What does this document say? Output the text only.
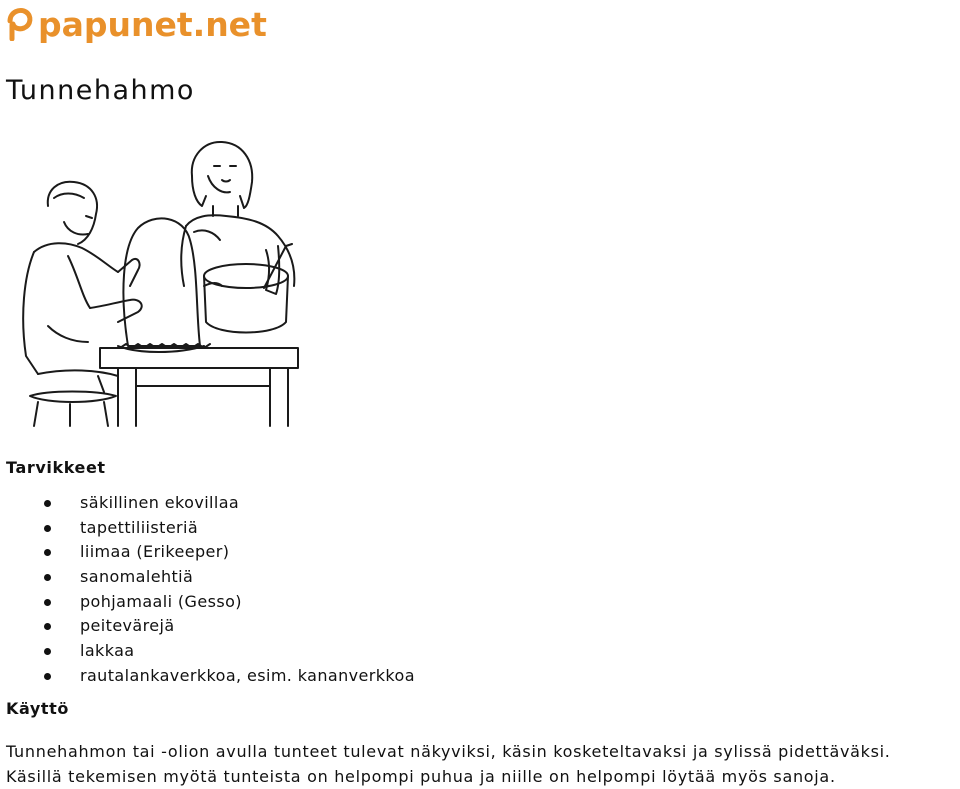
papunet.net
Tunnehahmo
Tarvikkeet
säkillinen ekovillaa
tapettiliisteriä
liimaa (Erikeeper)
sanomalehtiä
pohjamaali (Gesso)
peitevärejä
lakkaa
rautalankaverkkoa, esim. kananverkkoa
Käyttö

Tunnehahmon tai -olion avulla tunteet tulevat näkyviksi, käsin kosketeltavaksi ja sylissä pidettäväksi.

Käsillä tekemisen myötä tunteista on helpompi puhua ja niille on helpompi löytää myös sanoja.
